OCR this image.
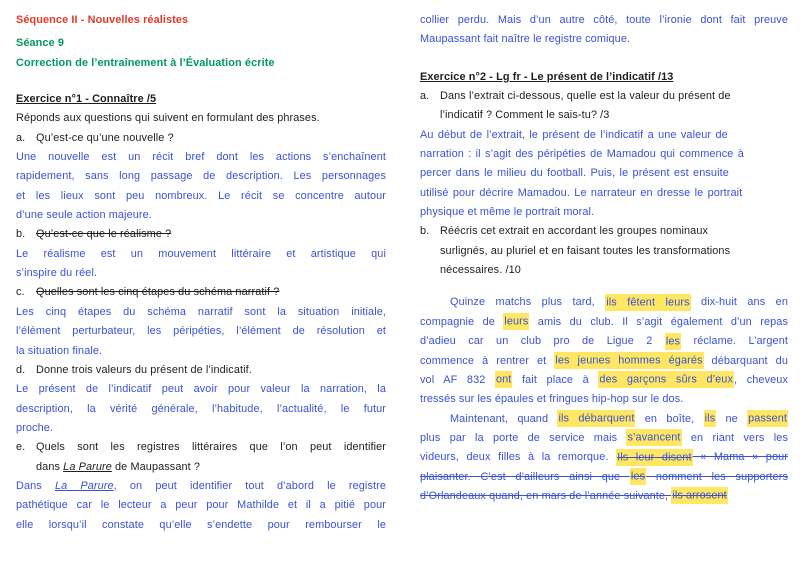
Séquence II - Nouvelles réalistes
Séance 9
Correction de l’entraînement à l’Évaluation écrite
Exercice n°1 - Connaître /5
Réponds aux questions qui suivent en formulant des phrases.
a. Qu’est-ce qu’une nouvelle ?
Une nouvelle est un récit bref dont les actions s’enchaînent
rapidement, sans long passage de description. Les personnages
et les lieux sont peu nombreux. Le récit se concentre autour
d’une seule action majeure.
b. Qu’est-ce que le réalisme ?
Le réalisme est un mouvement littéraire et artistique qui
s’inspire du réel.
c. Quelles sont les cinq étapes du schéma narratif ?
Les cinq étapes du schéma narratif sont la situation initiale,
l’élément perturbateur, les péripéties, l’élément de résolution et
la situation finale.
d. Donne trois valeurs du présent de l’indicatif.
Le présent de l’indicatif peut avoir pour valeur la narration, la
description, la vérité générale, l’habitude, l’actualité, le futur
proche.
e. Quels sont les registres littéraires que l’on peut identifier
dans La Parure de Maupassant ?
Dans La Parure, on peut identifier tout d’abord le registre
pathétique car le lecteur a peur pour Mathilde et il a pitié pour
elle lorsqu’il constate qu’elle s’endette pour rembourser le
collier perdu. Mais d’un autre côté, toute l’ironie dont fait preuve
Maupassant fait naître le registre comique.
Exercice n°2 - Lg fr - Le présent de l’indicatif /13
a. Dans l’extrait ci-dessous, quelle est la valeur du présent de
l’indicatif ? Comment le sais-tu? /3
Au début de l’extrait, le présent de l’indicatif a une valeur de
narration : il s’agit des péripéties de Mamadou qui commence à
percer dans le milieu du football. Puis, le présent est ensuite
utilisé pour décrire Mamadou. Le narrateur en dresse le portrait
physique et même le portrait moral.
b. Réécris cet extrait en accordant les groupes nominaux
surlignés, au pluriel et en faisant toutes les transformations
nécessaires. /10
Quinze matchs plus tard, ils fêtent leurs dix-huit ans en
compagnie de leurs amis du club. Il s’agit également d’un repas
d’adieu car un club pro de Ligue 2 les réclame. L’argent
commence à rentrer et les jeunes hommes égarés débarquant du
vol AF 832 ont fait place à des garçons sûrs d’eux, cheveux
tressés sur les épaules et fringues hip-hop sur le dos.
Maintenant, quand ils débarquent en boîte, ils ne passent
plus par la porte de service mais s’avancent en riant vers les
videurs, deux filles à la remorque. Ils leur disent « Mama » pour
plaisanter. C’est d’ailleurs ainsi que les nomment les supporters
d’Orlandeaux quand, en mars de l’année suivante, ils arrosent
